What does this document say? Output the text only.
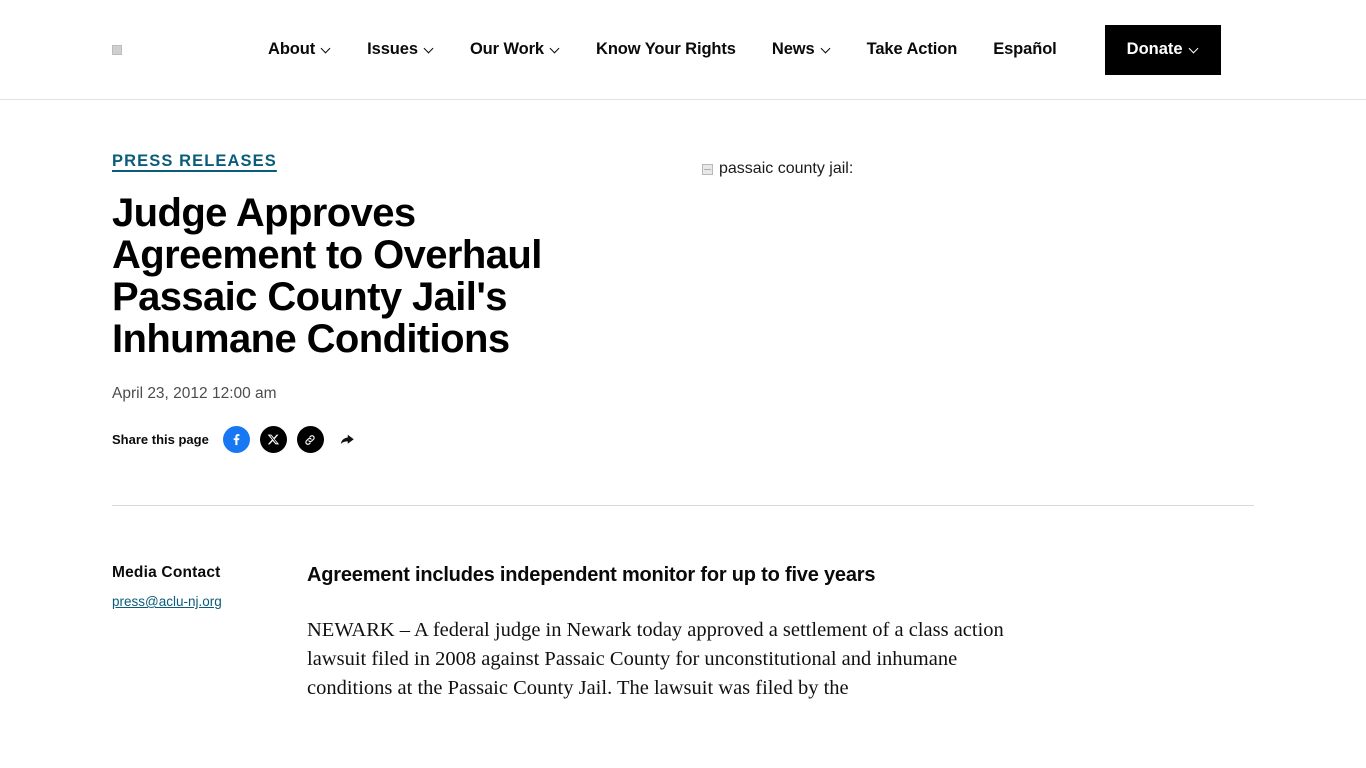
About	Issues	Our Work	Know Your Rights News	Take Action Español	Donate
PRESS RELEASES
Judge Approves Agreement to Overhaul Passaic County Jail's Inhumane Conditions
April 23, 2012 12:00 am
Share this page
passaic county jail:
Media Contact
press@aclu-nj.org
Agreement includes independent monitor for up to five years

NEWARK – A federal judge in Newark today approved a settlement of a class action lawsuit filed in 2008 against Passaic County for unconstitutional and inhumane conditions at the Passaic County Jail. The lawsuit was filed by the
